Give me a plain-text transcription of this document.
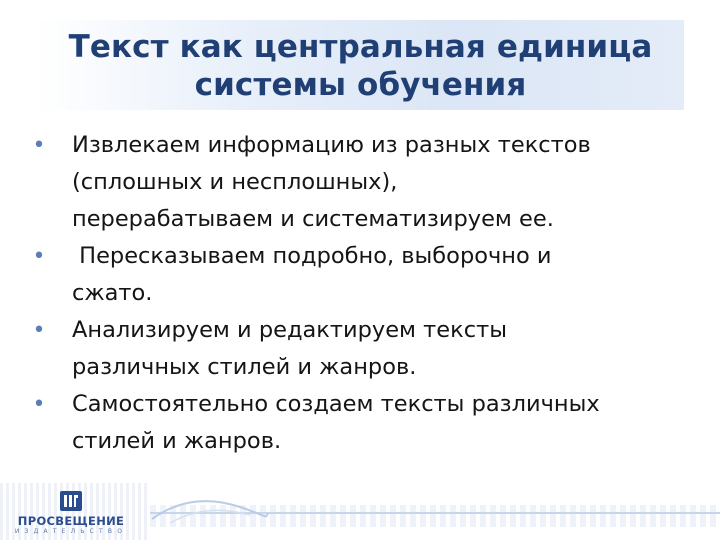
Текст как центральная единица
системы обучения
• Извлекаем информацию из разных текстов
(сплошных и несплошных),
перерабатываем и систематизируем ее.
• Пересказываем подробно, выборочно и
сжато.
• Анализируем и редактируем тексты
различных стилей и жанров.
• Самостоятельно создаем тексты различных
стилей и жанров.
ПРОСВЕЩЕНИЕ
ИЗДАТЕЛЬСТВО
